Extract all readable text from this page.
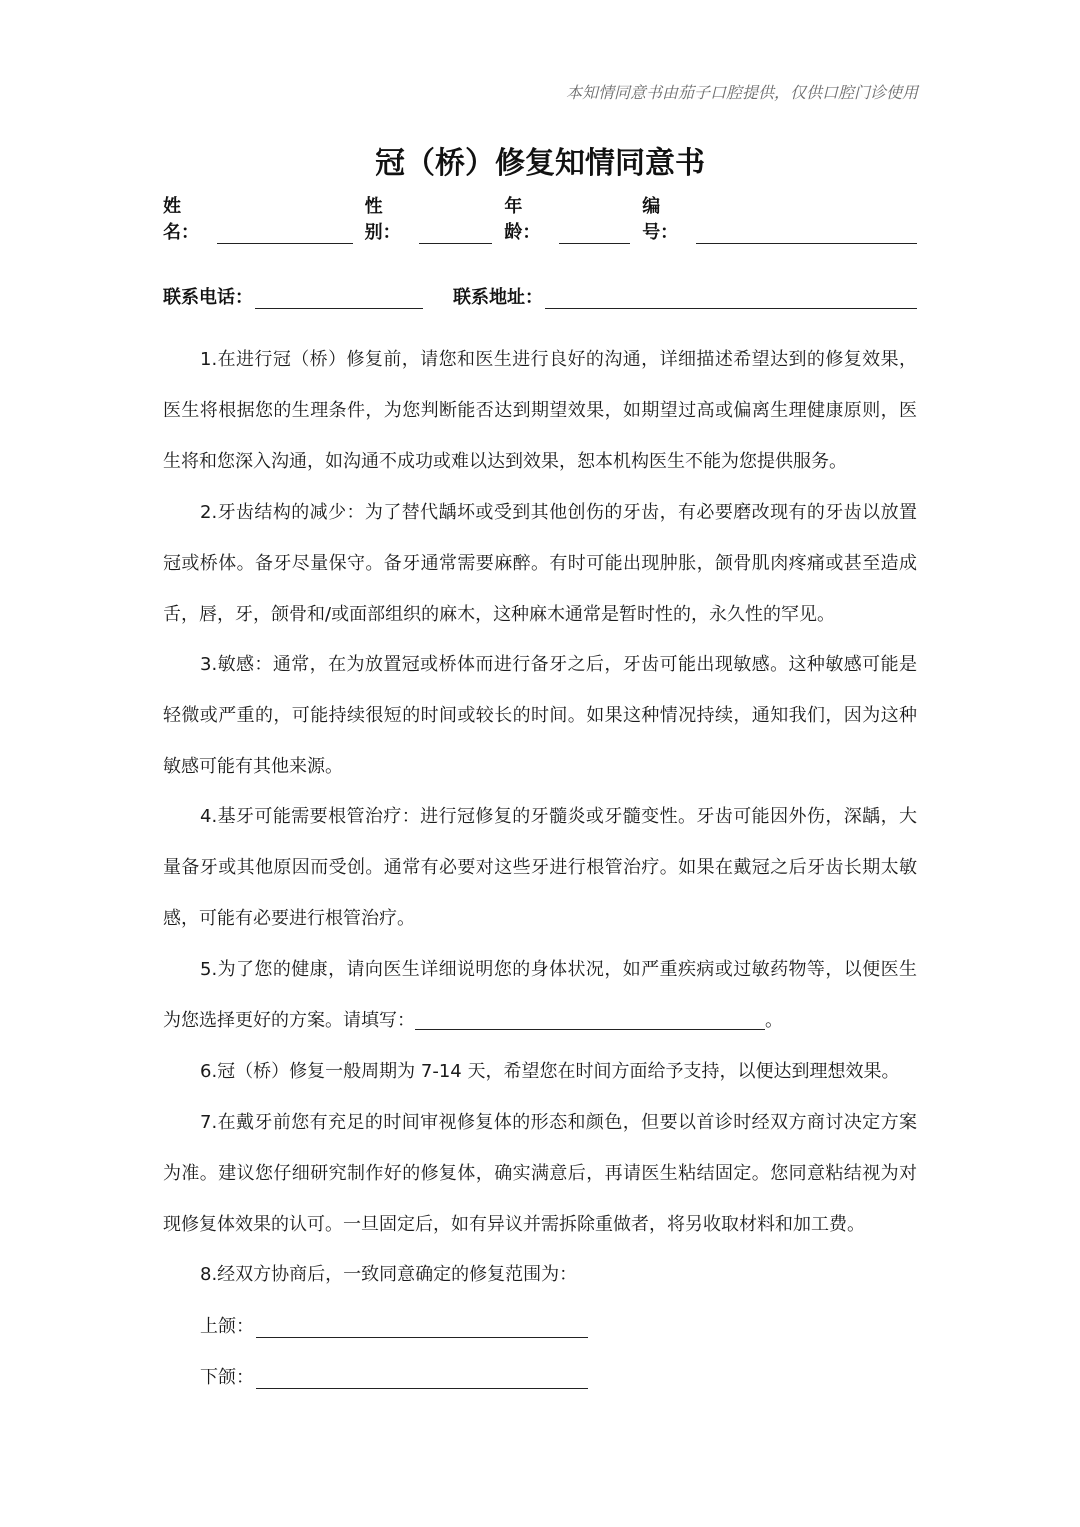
本知情同意书由茄子口腔提供，仅供口腔门诊使用
冠（桥）修复知情同意书
姓名：
性别：
年龄：
编号：
联系电话：	联系地址：
1.在进行冠（桥）修复前，请您和医生进行良好的沟通，详细描述希望达到的修复效果，医生将根据您的生理条件，为您判断能否达到期望效果，如期望过高或偏离生理健康原则，医生将和您深入沟通，如沟通不成功或难以达到效果，恕本机构医生不能为您提供服务。
2.牙齿结构的减少：为了替代龋坏或受到其他创伤的牙齿，有必要磨改现有的牙齿以放置冠或桥体。备牙尽量保守。备牙通常需要麻醉。有时可能出现肿胀，颌骨肌肉疼痛或甚至造成舌，唇，牙，颌骨和/或面部组织的麻木，这种麻木通常是暂时性的，永久性的罕见。
3.敏感：通常，在为放置冠或桥体而进行备牙之后，牙齿可能出现敏感。这种敏感可能是轻微或严重的，可能持续很短的时间或较长的时间。如果这种情况持续，通知我们，因为这种敏感可能有其他来源。
4.基牙可能需要根管治疗：进行冠修复的牙髓炎或牙髓变性。牙齿可能因外伤，深龋，大量备牙或其他原因而受创。通常有必要对这些牙进行根管治疗。如果在戴冠之后牙齿长期太敏感，可能有必要进行根管治疗。
5.为了您的健康，请向医生详细说明您的身体状况，如严重疾病或过敏药物等，以便医生为您选择更好的方案。请填写：	。
6.冠（桥）修复一般周期为 7-14 天，希望您在时间方面给予支持，以便达到理想效果。
7.在戴牙前您有充足的时间审视修复体的形态和颜色，但要以首诊时经双方商讨决定方案为准。建议您仔细研究制作好的修复体，确实满意后，再请医生粘结固定。您同意粘结视为对现修复体效果的认可。一旦固定后，如有异议并需拆除重做者，将另收取材料和加工费。
8.经双方协商后，一致同意确定的修复范围为：
上颌：
下颌：
